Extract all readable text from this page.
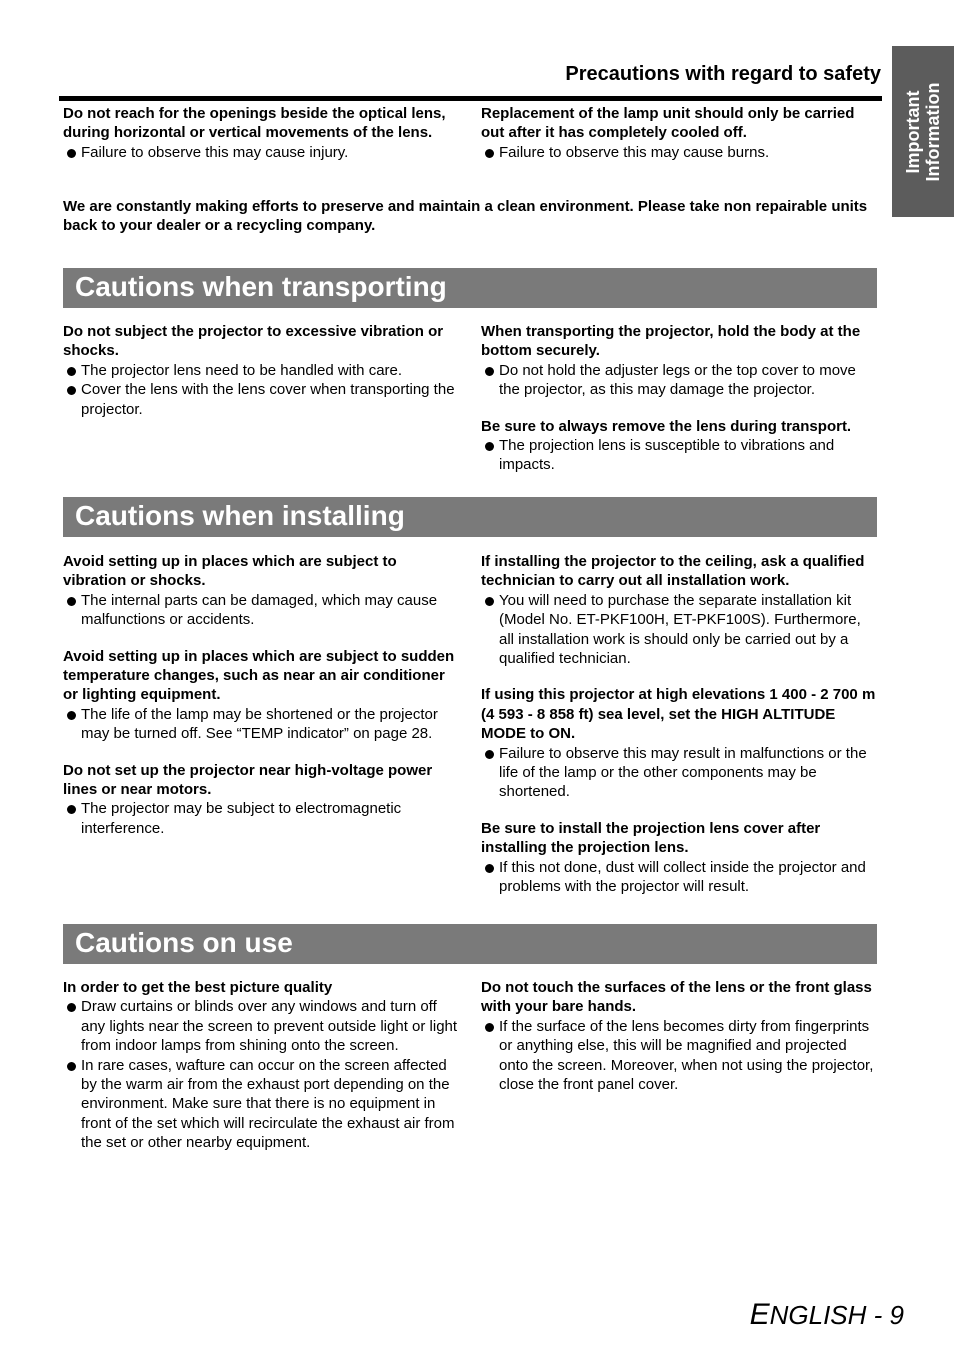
Important Information
Precautions with regard to safety

Do not reach for the openings beside the optical lens, during horizontal or vertical movements of the lens.

Failure to observe this may cause injury.

Replacement of the lamp unit should only be carried out after it has completely cooled off.

Failure to observe this may cause burns.

We are constantly making efforts to preserve and maintain a clean environment. Please take non repairable units back to your dealer or a recycling company.

Cautions when transporting

Do not subject the projector to excessive vibration or shocks.

The projector lens need to be handled with care.
Cover the lens with the lens cover when transporting the projector.

When transporting the projector, hold the body at the bottom securely.

Do not hold the adjuster legs or the top cover to move the projector, as this may damage the projector.

Be sure to always remove the lens during transport.

The projection lens is susceptible to vibrations and impacts.
Cautions when installing

Avoid setting up in places which are subject to vibration or shocks.

The internal parts can be damaged, which may cause malfunctions or accidents.

Avoid setting up in places which are subject to sudden temperature changes, such as near an air conditioner or lighting equipment.

The life of the lamp may be shortened or the projector may be turned off. See “TEMP indicator” on page 28.

Do not set up the projector near high-voltage power lines or near motors.

The projector may be subject to electromagnetic interference.

If installing the projector to the ceiling, ask a qualified technician to carry out all installation work.

You will need to purchase the separate installation kit (Model No. ET-PKF100H, ET-PKF100S). Furthermore, all installation work is should only be carried out by a qualified technician.

If using this projector at high elevations 1 400 - 2 700 m (4 593 - 8 858 ft) sea level, set the HIGH ALTITUDE MODE to ON.

Failure to observe this may result in malfunctions or the life of the lamp or the other components may be shortened.

Be sure to install the projection lens cover after installing the projection lens.

If this not done, dust will collect inside the projector and problems with the projector will result.
Cautions on use

In order to get the best picture quality

Draw curtains or blinds over any windows and turn off any lights near the screen to prevent outside light or light from indoor lamps from shining onto the screen.
In rare cases, wafture can occur on the screen affected by the warm air from the exhaust port depending on the environment. Make sure that there is no equipment in front of the set which will recirculate the exhaust air from the set or other nearby equipment.

Do not touch the surfaces of the lens or the front glass with your bare hands.

If the surface of the lens becomes dirty from fingerprints or anything else, this will be magnified and projected onto the screen. Moreover, when not using the projector, close the front panel cover.
ENGLISH - 9
